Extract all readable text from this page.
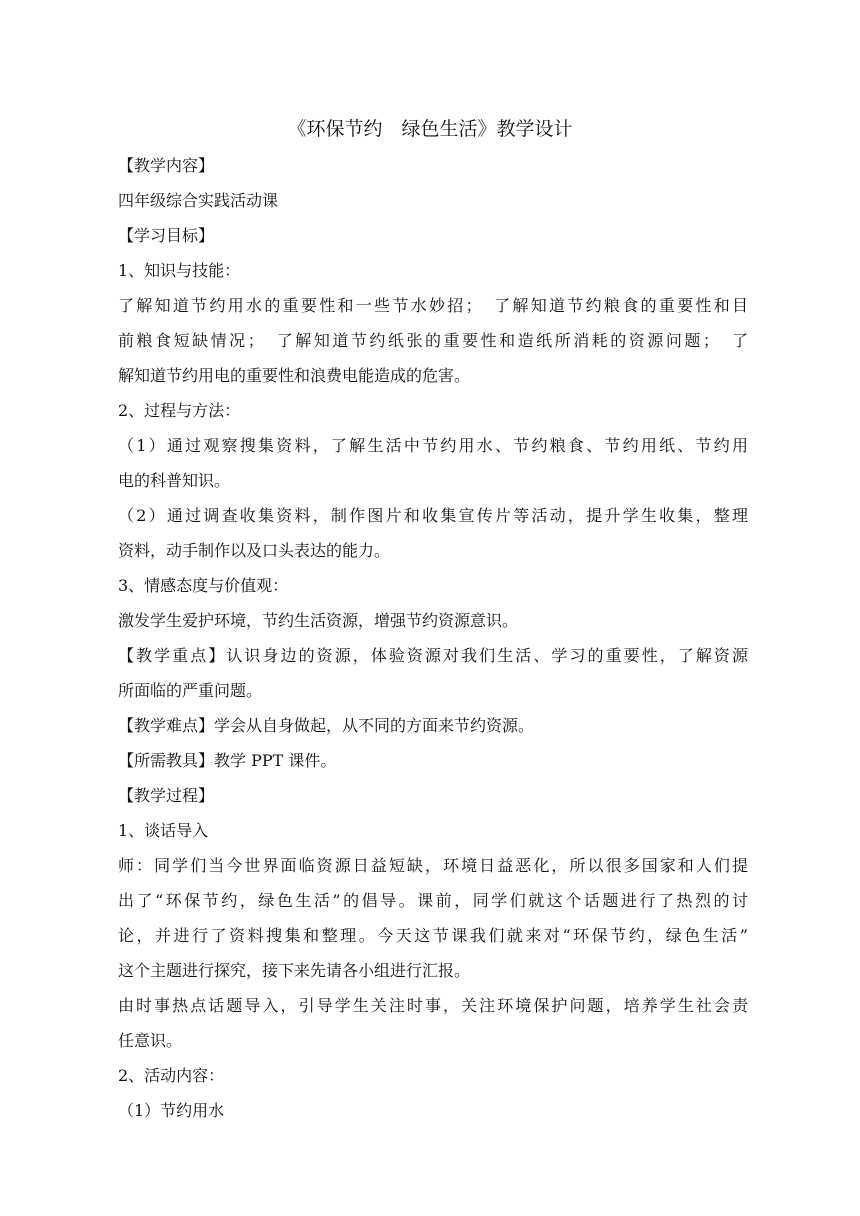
《环保节约　绿色生活》教学设计
【教学内容】
四年级综合实践活动课
【学习目标】
1、知识与技能：
了解知道节约用水的重要性和一些节水妙招；　了解知道节约粮食的重要性和目
前粮食短缺情况；　了解知道节约纸张的重要性和造纸所消耗的资源问题；　了
解知道节约用电的重要性和浪费电能造成的危害。
2、过程与方法：
（1）通过观察搜集资料，了解生活中节约用水、节约粮食、节约用纸、节约用
电的科普知识。
（2）通过调查收集资料，制作图片和收集宣传片等活动，提升学生收集，整理
资料，动手制作以及口头表达的能力。
3、情感态度与价值观：
激发学生爱护环境，节约生活资源，增强节约资源意识。
【教学重点】认识身边的资源，体验资源对我们生活、学习的重要性，了解资源
所面临的严重问题。
【教学难点】学会从自身做起，从不同的方面来节约资源。
【所需教具】教学 PPT 课件。
【教学过程】
1、谈话导入
师：同学们当今世界面临资源日益短缺，环境日益恶化，所以很多国家和人们提
出了“环保节约，绿色生活”的倡导。课前，同学们就这个话题进行了热烈的讨
论，并进行了资料搜集和整理。今天这节课我们就来对“环保节约，绿色生活”
这个主题进行探究，接下来先请各小组进行汇报。
由时事热点话题导入，引导学生关注时事，关注环境保护问题，培养学生社会责
任意识。
2、活动内容：
（1）节约用水
